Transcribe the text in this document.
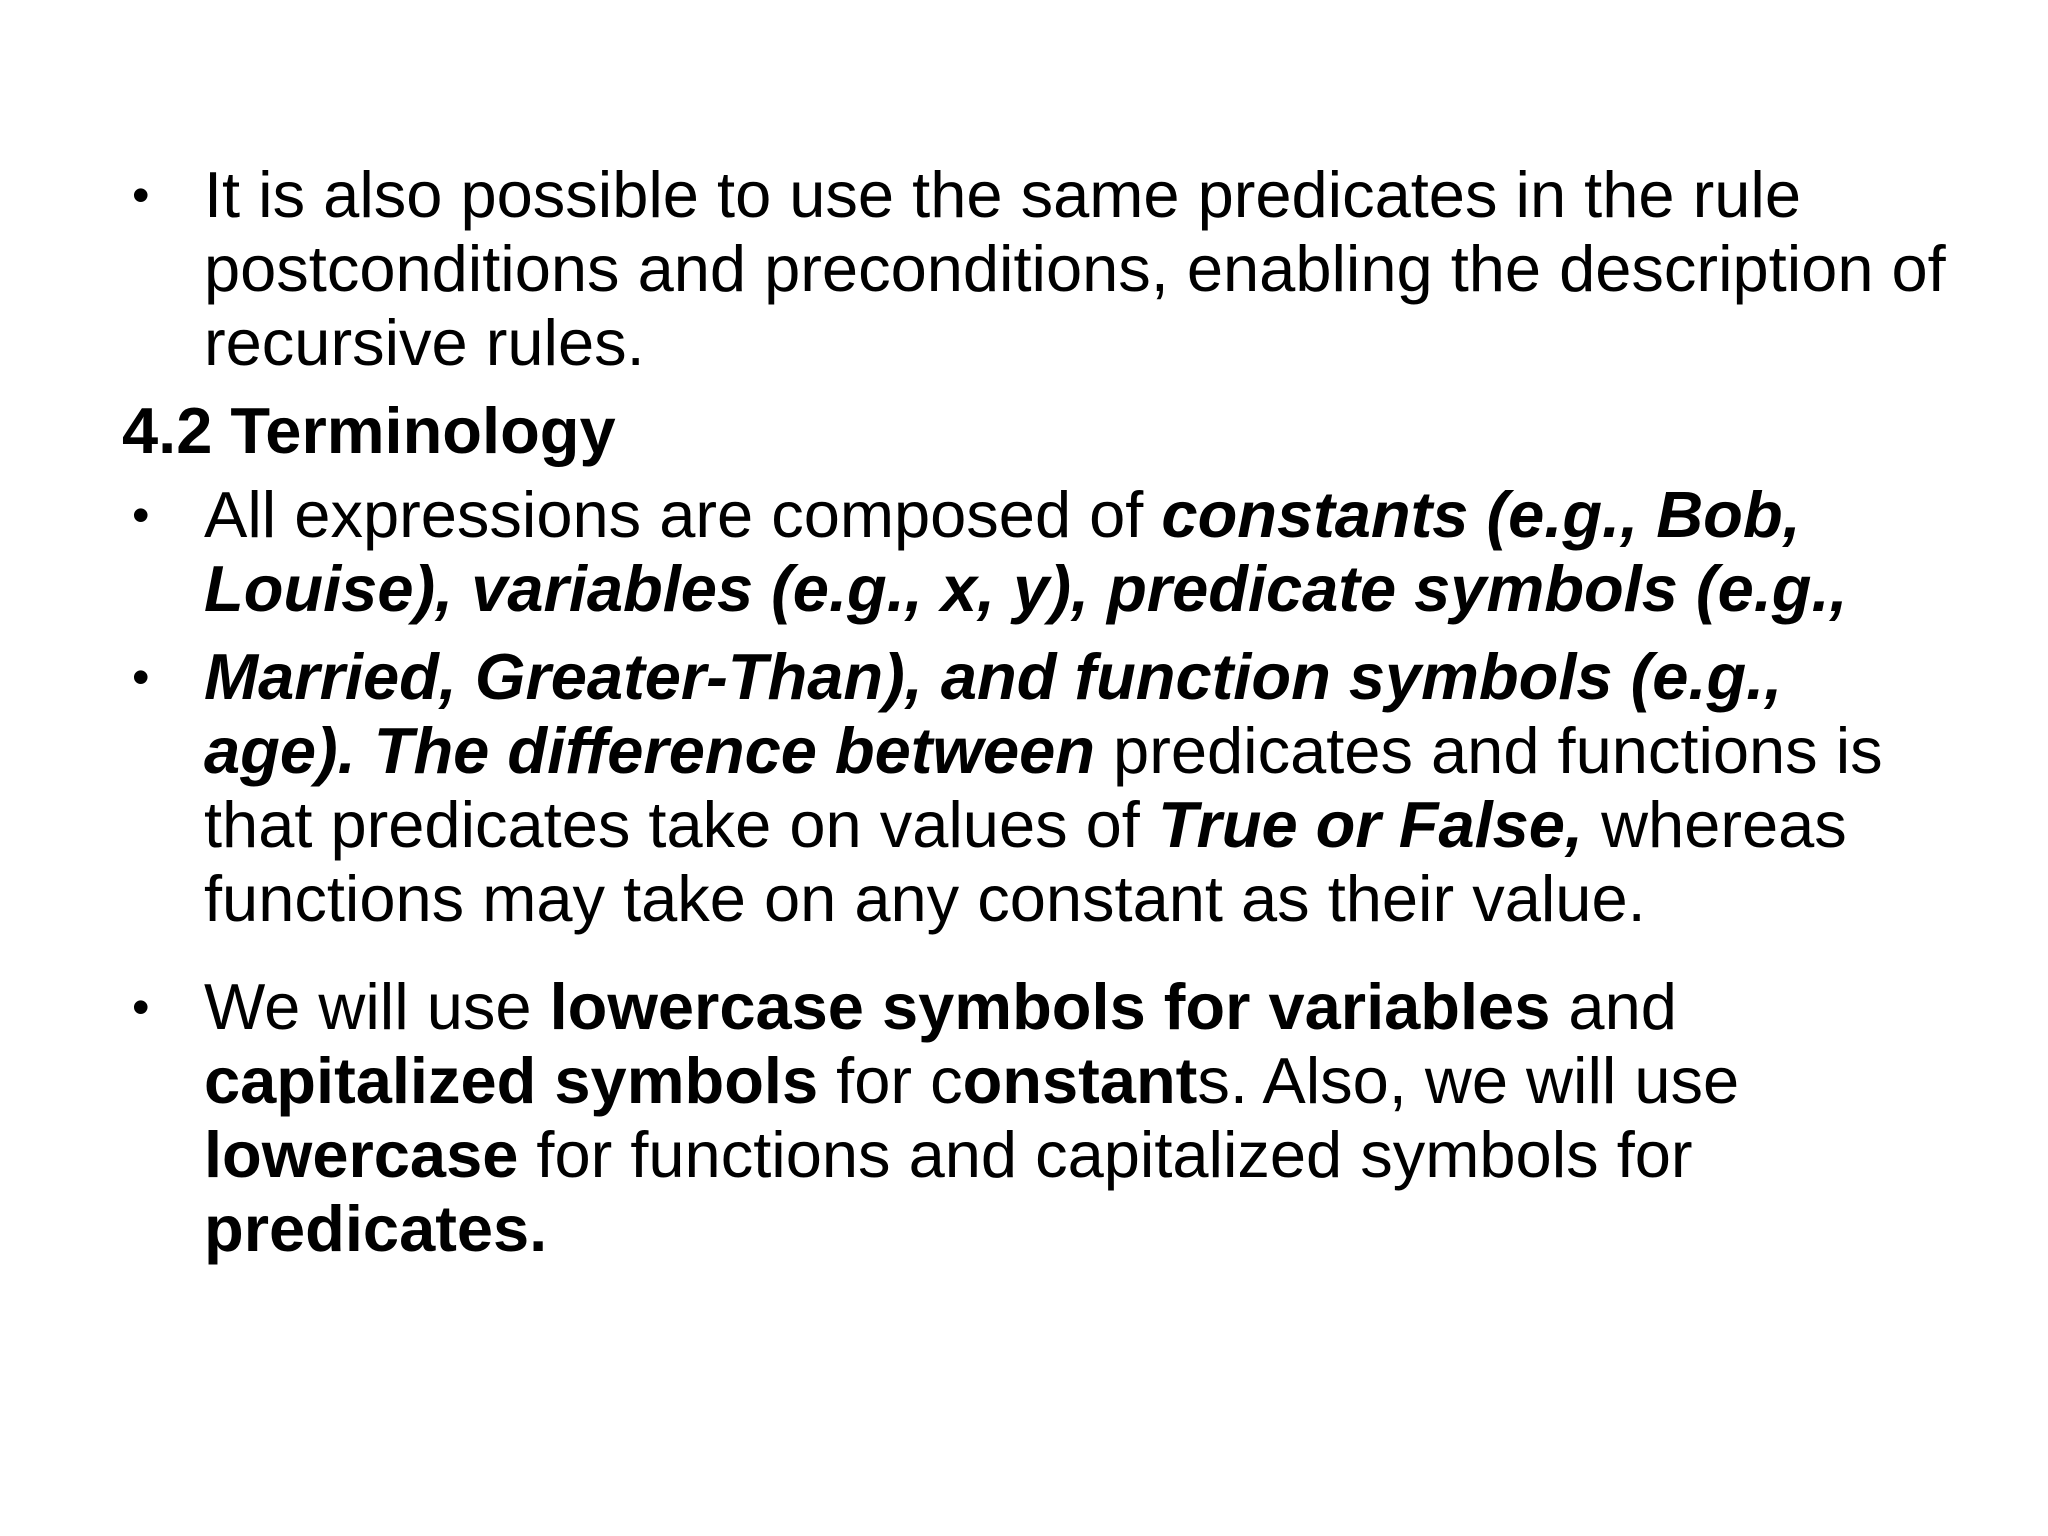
• It is also possible to use the same predicates in the rule postconditions and preconditions, enabling the description of recursive rules.

4.2 Terminology

• All expressions are composed of constants (e.g., Bob, Louise), variables (e.g., x, y), predicate symbols (e.g.,

• Married, Greater-Than), and function symbols (e.g., age). The difference between predicates and functions is that predicates take on values of True or False, whereas functions may take on any constant as their value.

• We will use lowercase symbols for variables and capitalized symbols for constants. Also, we will use lowercase for functions and capitalized symbols for predicates.
